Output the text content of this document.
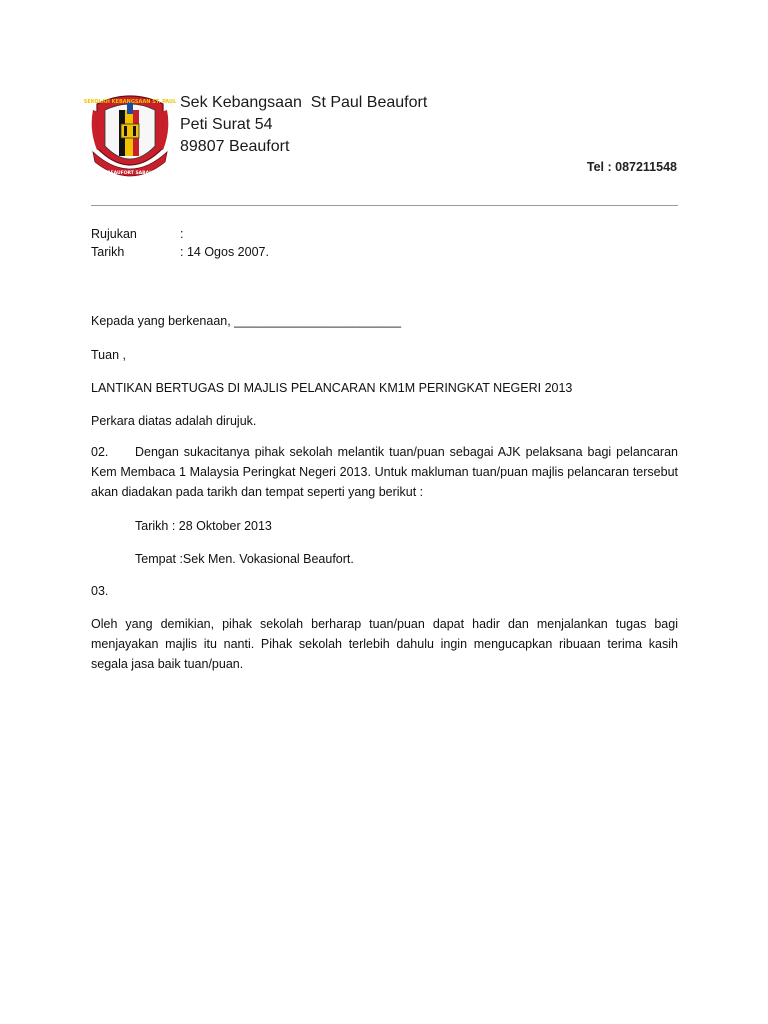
SEKOLAH KEBANGSAAN ST. PAUL
BEAUFORT SABAH
Sek Kebangsaan  St Paul Beaufort
Peti Surat 54
89807 Beaufort
Tel : 087211548
Rujukan	:
Tarikh	: 14 Ogos 2007.
Kepada yang berkenaan, ________________________
Tuan ,
LANTIKAN BERTUGAS DI MAJLIS PELANCARAN KM1M PERINGKAT NEGERI 2013
Perkara diatas adalah dirujuk.
02. Dengan sukacitanya pihak sekolah melantik tuan/puan sebagai AJK pelaksana bagi pelancaran Kem Membaca 1 Malaysia Peringkat Negeri 2013. Untuk makluman tuan/puan majlis pelancaran tersebut akan diadakan pada tarikh dan tempat seperti yang berikut :
Tarikh : 28 Oktober 2013
Tempat :Sek Men. Vokasional Beaufort.
03.
Oleh yang demikian, pihak sekolah berharap tuan/puan dapat hadir dan menjalankan tugas bagi menjayakan majlis itu nanti. Pihak sekolah terlebih dahulu ingin mengucapkan ribuaan terima kasih segala jasa baik tuan/puan.
